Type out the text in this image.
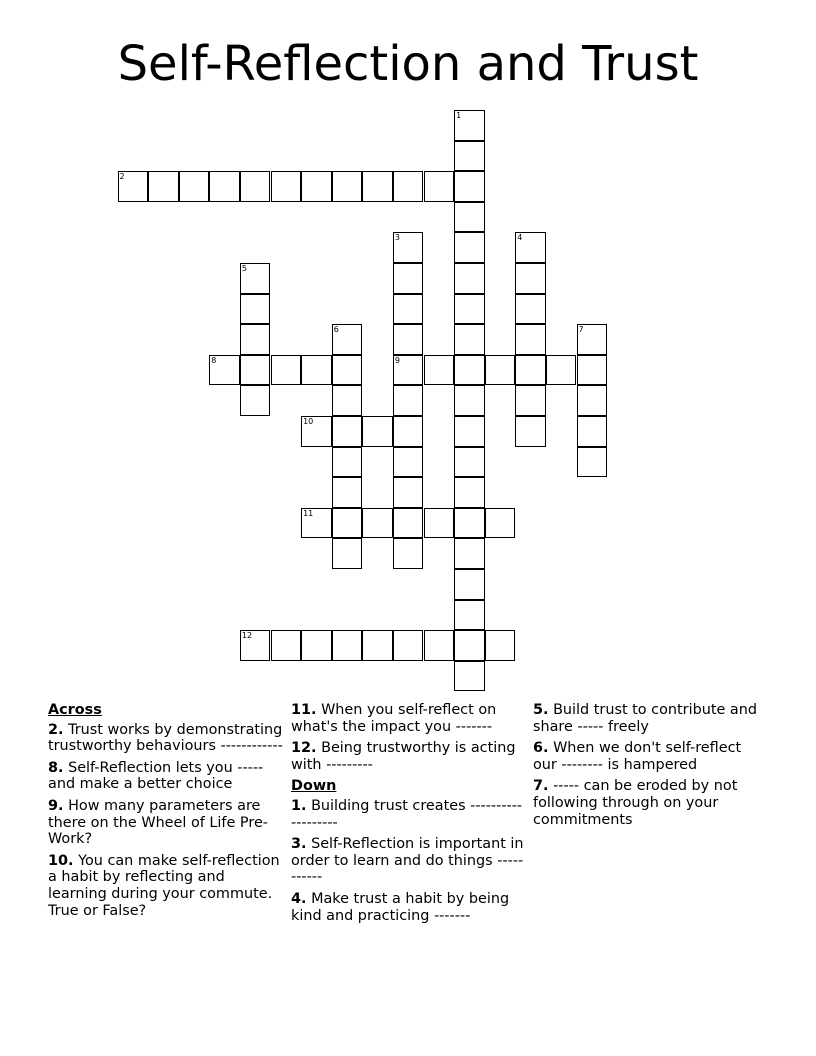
Self-Reflection and Trust
1
2
3
9
4
5
6	7
8
10
11
12
Across
2. Trust works by demonstrating trustworthy behaviours ------------
8. Self-Reflection lets you ----- and make a better choice
9. How many parameters are there on the Wheel of Life Pre-Work?
10. You can make self-reflection a habit by reflecting and learning during your commute. True or False?
11. When you self-reflect on what's the impact you -------
12. Being trustworthy is acting with ---------
Down
1. Building trust creates -------------------
3. Self-Reflection is important in order to learn and do things -----------
4. Make trust a habit by being kind and practicing -------
5. Build trust to contribute and share ----- freely
6. When we don't self-reflect our -------- is hampered
7. ----- can be eroded by not following through on your commitments
